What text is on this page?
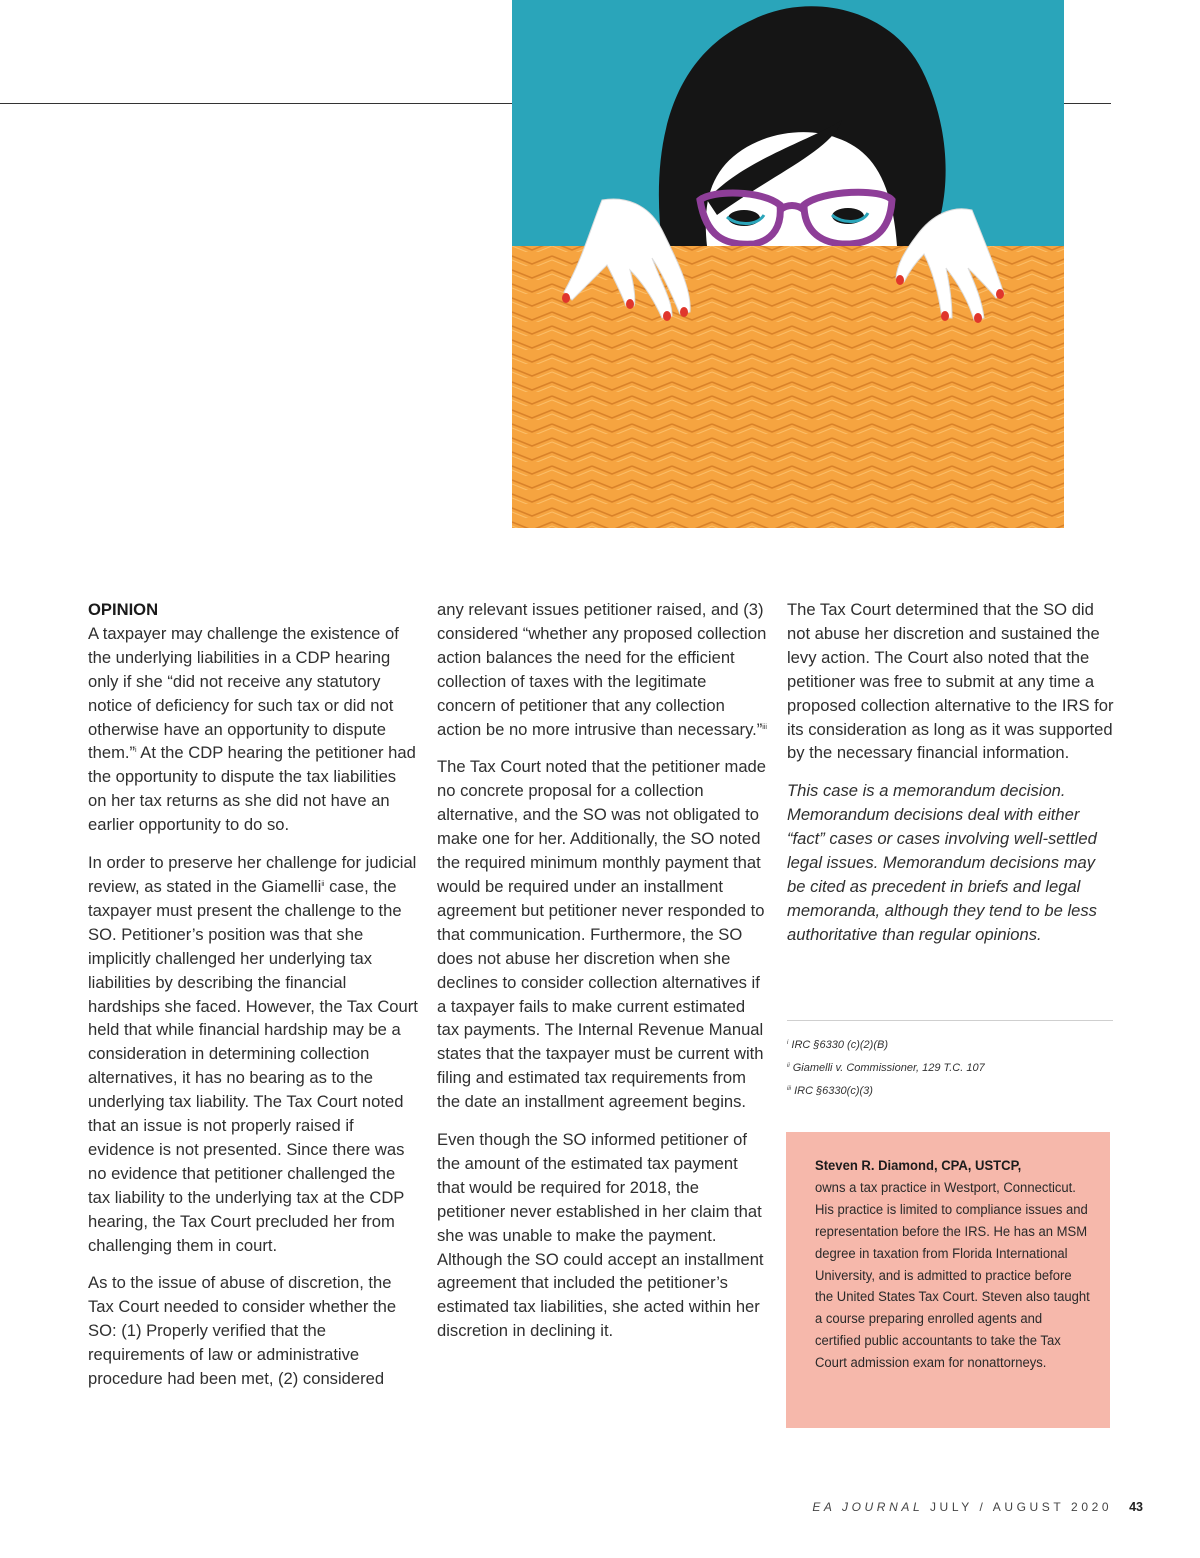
OPINION

A taxpayer may challenge the existence of the underlying liabilities in a CDP hearing only if she “did not receive any statutory notice of deficiency for such tax or did not otherwise have an opportunity to dispute them.”$^i$ At the CDP hearing the petitioner had the opportunity to dispute the tax liabilities on her tax returns as she did not have an earlier opportunity to do so.

In order to preserve her challenge for judicial review, as stated in the Giamelli$^{ii}$ case, the taxpayer must present the challenge to the SO. Petitioner’s position was that she implicitly challenged her underlying tax liabilities by describing the financial hardships she faced. However, the Tax Court held that while financial hardship may be a consideration in determining collection alternatives, it has no bearing as to the underlying tax liability. The Tax Court noted that an issue is not properly raised if evidence is not presented. Since there was no evidence that petitioner challenged the tax liability to the underlying tax at the CDP hearing, the Tax Court precluded her from challenging them in court.

As to the issue of abuse of discretion, the Tax Court needed to consider whether the SO: (1) Properly verified that the requirements of law or administrative procedure had been met, (2) considered

any relevant issues petitioner raised, and (3) considered “whether any proposed collection action balances the need for the efficient collection of taxes with the legitimate concern of petitioner that any collection action be no more intrusive than necessary.”$^{iii}$

The Tax Court noted that the petitioner made no concrete proposal for a collection alternative, and the SO was not obligated to make one for her. Additionally, the SO noted the required minimum monthly payment that would be required under an installment agreement but petitioner never responded to that communication. Furthermore, the SO does not abuse her discretion when she declines to consider collection alternatives if a taxpayer fails to make current estimated tax payments. The Internal Revenue Manual states that the taxpayer must be current with filing and estimated tax requirements from the date an installment agreement begins.

Even though the SO informed petitioner of the amount of the estimated tax payment that would be required for 2018, the petitioner never established in her claim that she was unable to make the payment. Although the SO could accept an installment agreement that included the petitioner’s estimated tax liabilities, she acted within her discretion in declining it.

The Tax Court determined that the SO did not abuse her discretion and sustained the levy action. The Court also noted that the petitioner was free to submit at any time a proposed collection alternative to the IRS for its consideration as long as it was supported by the necessary financial information.

This case is a memorandum decision. Memorandum decisions deal with either “fact” cases or cases involving well-settled legal issues. Memorandum decisions may be cited as precedent in briefs and legal memoranda, although they tend to be less authoritative than regular opinions.

$^i$ IRC §6330 (c)(2)(B)
$^{ii}$ Giamelli v. Commissioner, 129 T.C. 107
$^{iii}$ IRC §6330(c)(3)
Steven R. Diamond, CPA, USTCP,
owns a tax practice in Westport, Connecticut. His practice is limited to compliance issues and representation before the IRS. He has an MSM degree in taxation from Florida International University, and is admitted to practice before the United States Tax Court. Steven also taught a course preparing enrolled agents and certified public accountants to take the Tax Court admission exam for nonattorneys.
EA JOURNAL JULY / AUGUST 2020 43
